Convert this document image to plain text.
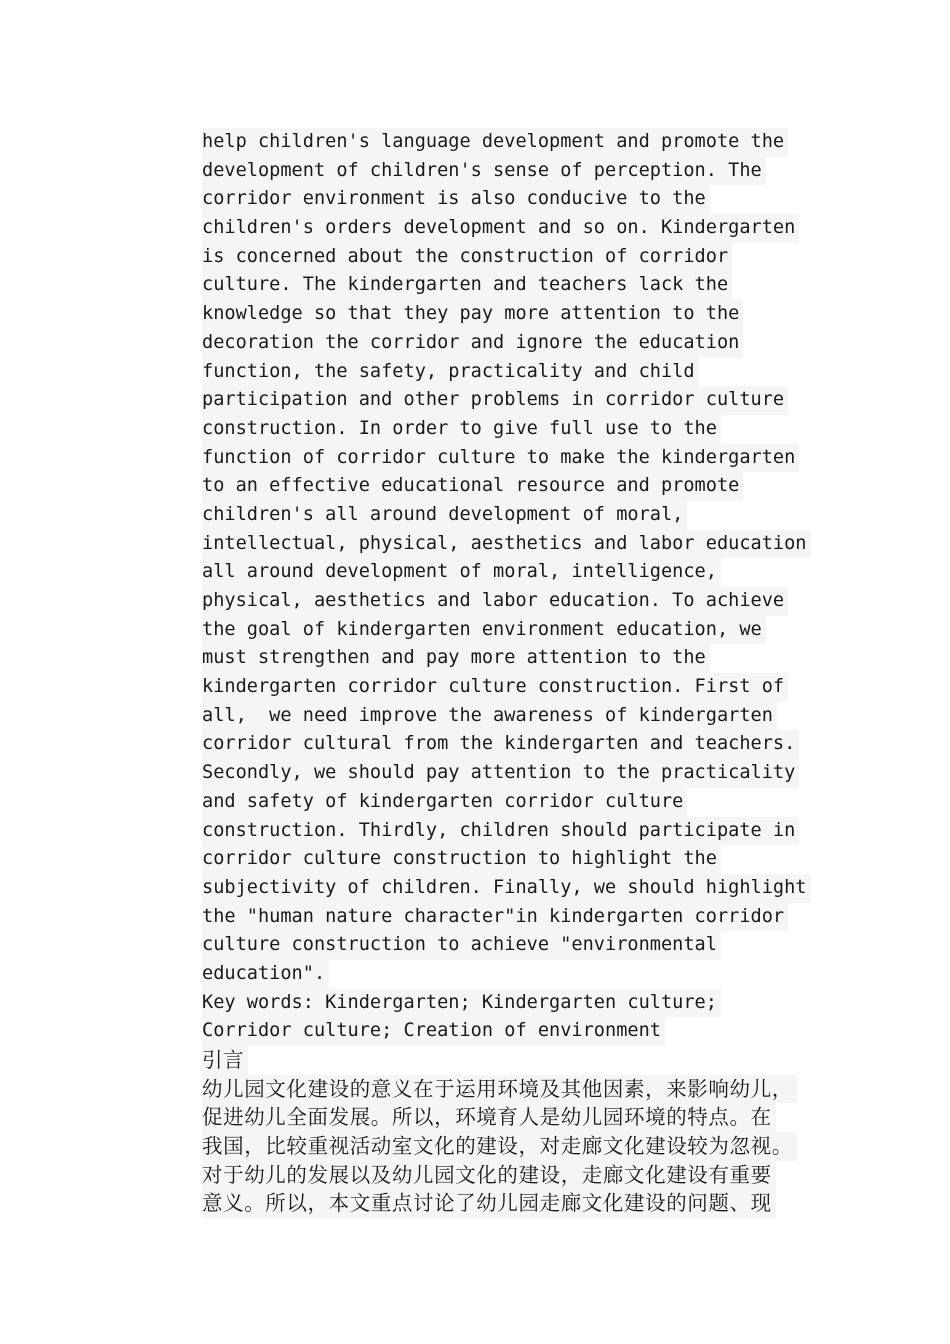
help children's language development and promote the
development of children's sense of perception. The
corridor environment is also conducive to the
children's orders development and so on. Kindergarten
is concerned about the construction of corridor
culture. The kindergarten and teachers lack the
knowledge so that they pay more attention to the
decoration the corridor and ignore the education
function, the safety, practicality and child
participation and other problems in corridor culture
construction. In order to give full use to the
function of corridor culture to make the kindergarten
to an effective educational resource and promote
children's all around development of moral,
intellectual, physical, aesthetics and labor education
all around development of moral, intelligence,
physical, aesthetics and labor education. To achieve
the goal of kindergarten environment education, we
must strengthen and pay more attention to the
kindergarten corridor culture construction. First of
all,  we need improve the awareness of kindergarten
corridor cultural from the kindergarten and teachers.
Secondly, we should pay attention to the practicality
and safety of kindergarten corridor culture
construction. Thirdly, children should participate in
corridor culture construction to highlight the
subjectivity of children. Finally, we should highlight
the "human nature character"in kindergarten corridor
culture construction to achieve "environmental
education".
Key words: Kindergarten; Kindergarten culture;
Corridor culture; Creation of environment
引言
幼儿园文化建设的意义在于运用环境及其他因素，来影响幼儿，
促进幼儿全面发展。所以，环境育人是幼儿园环境的特点。在
我国，比较重视活动室文化的建设，对走廊文化建设较为忽视。
对于幼儿的发展以及幼儿园文化的建设，走廊文化建设有重要
意义。所以，本文重点讨论了幼儿园走廊文化建设的问题、现
